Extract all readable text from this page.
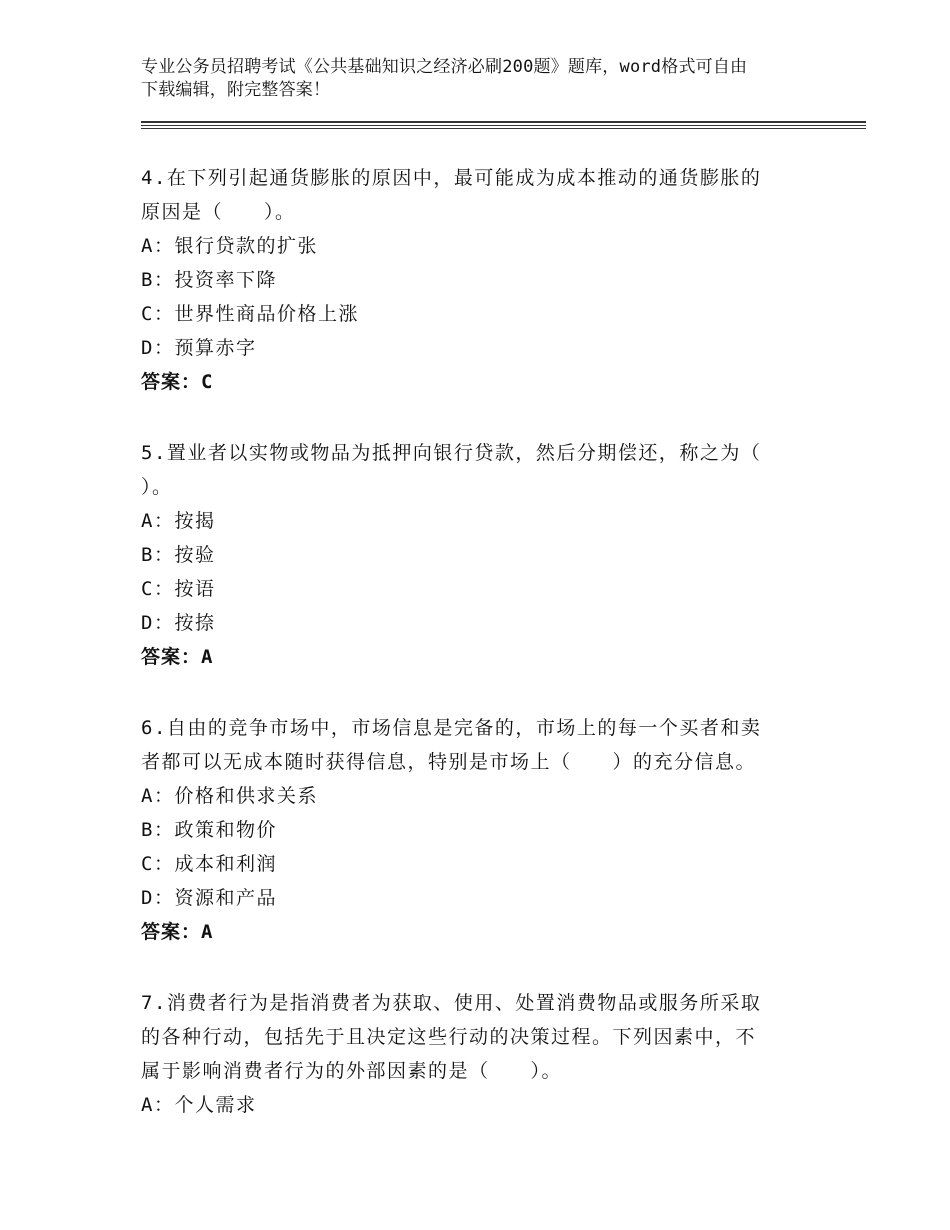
专业公务员招聘考试《公共基础知识之经济必刷200题》题库，word格式可自由
下载编辑，附完整答案！
4.在下列引起通货膨胀的原因中，最可能成为成本推动的通货膨胀的
原因是（　　）。
A：银行贷款的扩张
B：投资率下降
C：世界性商品价格上涨
D：预算赤字
答案：C
5.置业者以实物或物品为抵押向银行贷款，然后分期偿还，称之为（
）。
A：按揭
B：按验
C：按语
D：按捺
答案：A
6.自由的竞争市场中，市场信息是完备的，市场上的每一个买者和卖
者都可以无成本随时获得信息，特别是市场上（　　）的充分信息。
A：价格和供求关系
B：政策和物价
C：成本和利润
D：资源和产品
答案：A
7.消费者行为是指消费者为获取、使用、处置消费物品或服务所采取
的各种行动，包括先于且决定这些行动的决策过程。下列因素中，不
属于影响消费者行为的外部因素的是（　　）。
A：个人需求
